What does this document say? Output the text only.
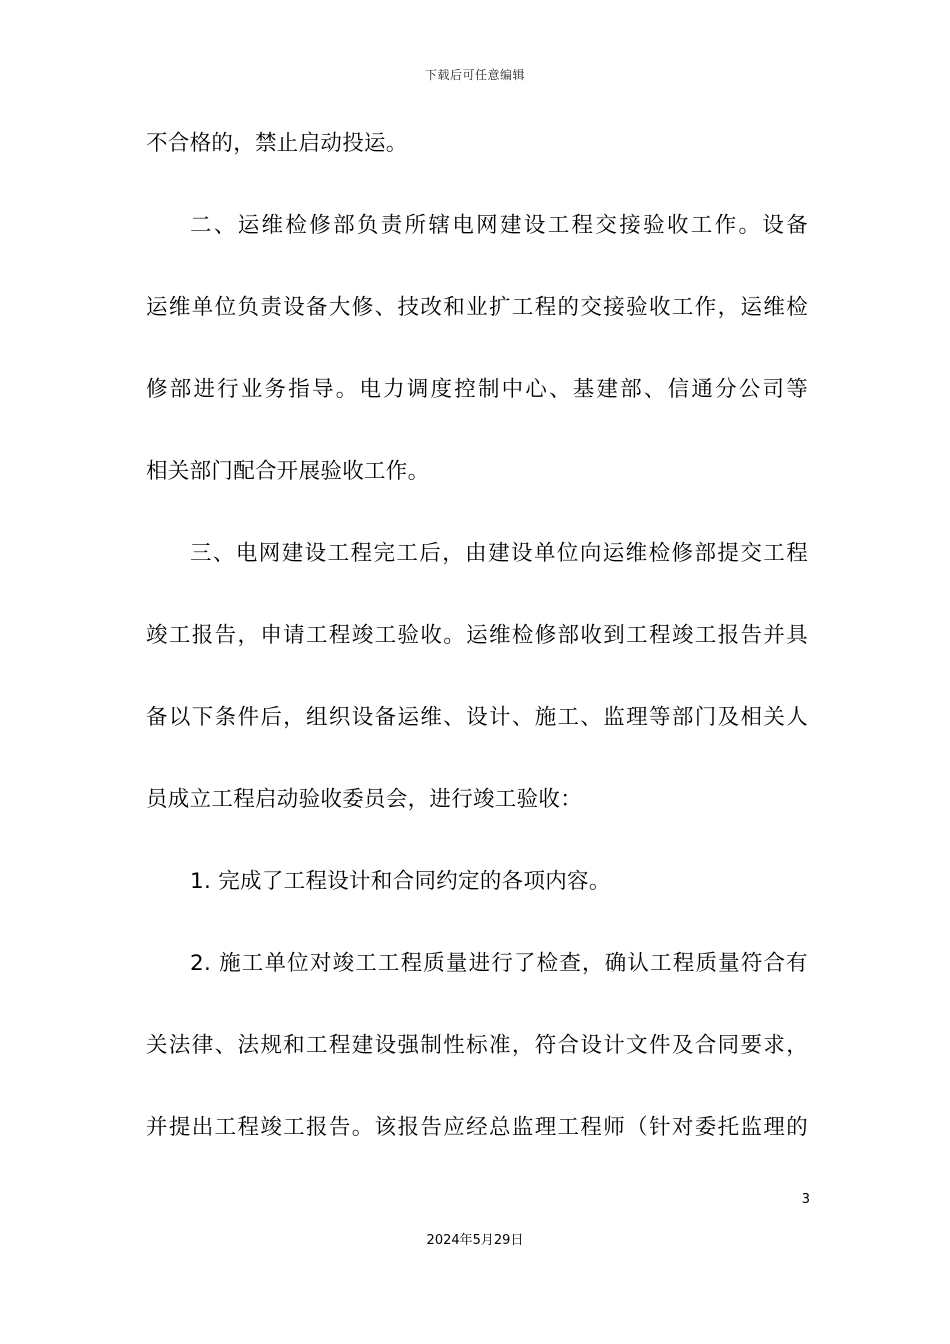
下载后可任意编辑
不合格的，禁止启动投运。
二、运维检修部负责所辖电网建设工程交接验收工作。设备
运维单位负责设备大修、技改和业扩工程的交接验收工作，运维检
修部进行业务指导。电力调度控制中心、基建部、信通分公司等
相关部门配合开展验收工作。
三、电网建设工程完工后，由建设单位向运维检修部提交工程
竣工报告，申请工程竣工验收。运维检修部收到工程竣工报告并具
备以下条件后，组织设备运维、设计、施工、监理等部门及相关人
员成立工程启动验收委员会，进行竣工验收：
1. 完成了工程设计和合同约定的各项内容。
2. 施工单位对竣工工程质量进行了检查，确认工程质量符合有
关法律、法规和工程建设强制性标准，符合设计文件及合同要求，
并提出工程竣工报告。该报告应经总监理工程师（针对委托监理的
3
2024年5月29日
